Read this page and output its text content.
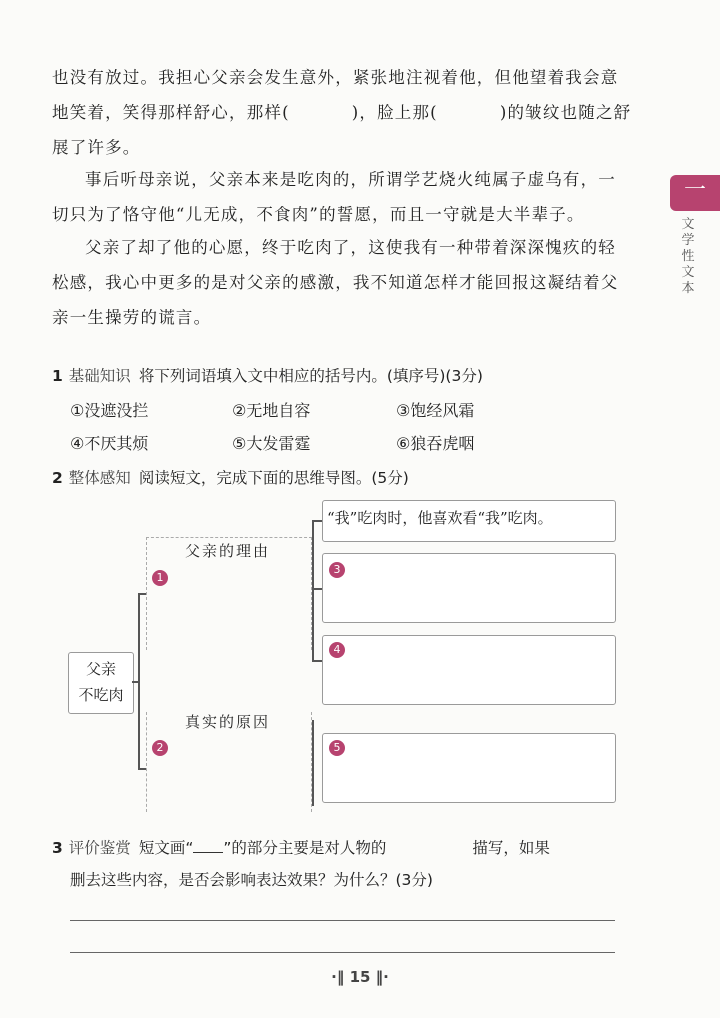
也没有放过。我担心父亲会发生意外，紧张地注视着他，但他望着我会意地笑着，笑得那样舒心，那样(	)，脸上那(	)的皱纹也随之舒展了许多。

事后听母亲说，父亲本来是吃肉的，所谓学艺烧火纯属子虚乌有，一切只为了恪守他“儿无成，不食肉”的誓愿，而且一守就是大半辈子。

父亲了却了他的心愿，终于吃肉了，这使我有一种带着深深愧疚的轻松感，我心中更多的是对父亲的感激，我不知道怎样才能回报这凝结着父亲一生操劳的谎言。

一
文学性文本
1 基础知识 将下列词语填入文中相应的括号内。(填序号)(3分)
①没遮没拦	②无地自容	③饱经风霜
④不厌其烦	⑤大发雷霆	⑥狼吞虎咽
2 整体感知 阅读短文，完成下面的思维导图。(5分)
父亲
不吃肉
父亲的理由
1
真实的原因
2
“我”吃肉时，他喜欢看“我”吃肉。
3
4
5
3 评价鉴赏 短文画“ ”的部分主要是对人物的	描写，如果
删去这些内容，是否会影响表达效果？为什么？(3分)
·‖ 15 ‖·
